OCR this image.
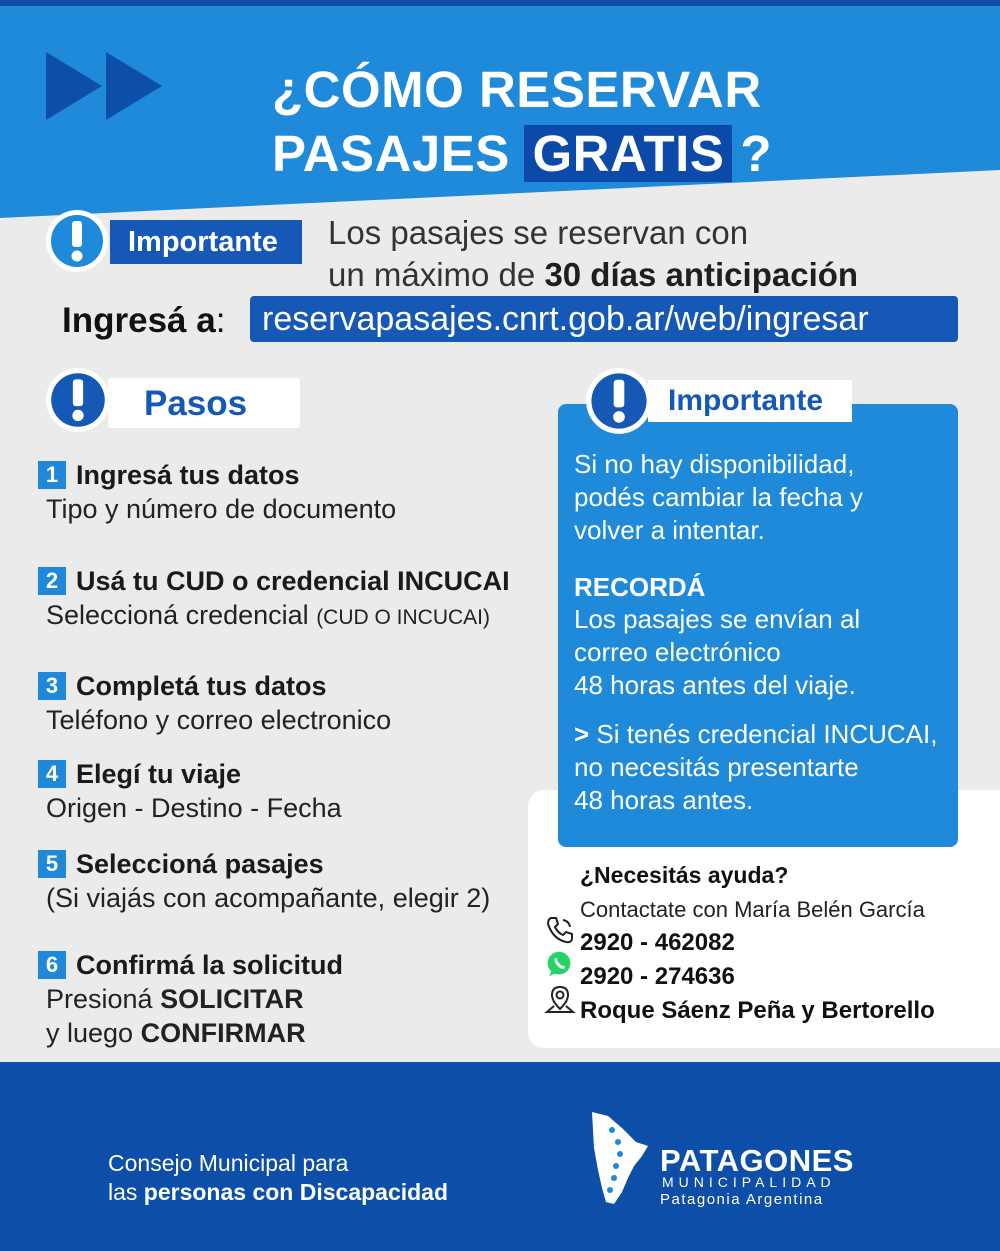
¿CÓMO RESERVAR
PASAJES GRATIS ?
Importante	Los pasajes se reservan con
un máximo de 30 días anticipación
Ingresá a:	reservapasajes.cnrt.gob.ar/web/ingresar
Pasos
1 Ingresá tus datos
Tipo y número de documento
2 Usá tu CUD o credencial INCUCAI
Seleccioná credencial (CUD O INCUCAI)
3 Completá tus datos
Teléfono y correo electronico
4 Elegí tu viaje
Origen - Destino - Fecha
5 Seleccioná pasajes
(Si viajás con acompañante, elegir 2)
6 Confirmá la solicitud
Presioná SOLICITAR
y luego CONFIRMAR
Importante
Si no hay disponibilidad,
podés cambiar la fecha y
volver a intentar.
RECORDÁ
Los pasajes se envían al
correo electrónico
48 horas antes del viaje.
> Si tenés credencial INCUCAI,
no necesitás presentarte
48 horas antes.
¿Necesitás ayuda?
Contactate con María Belén García
2920 - 462082
2920 - 274636
Roque Sáenz Peña y Bertorello
Consejo Municipal para
las personas con Discapacidad
PATAGONES
MUNICIPALIDAD
Patagonia Argentina
